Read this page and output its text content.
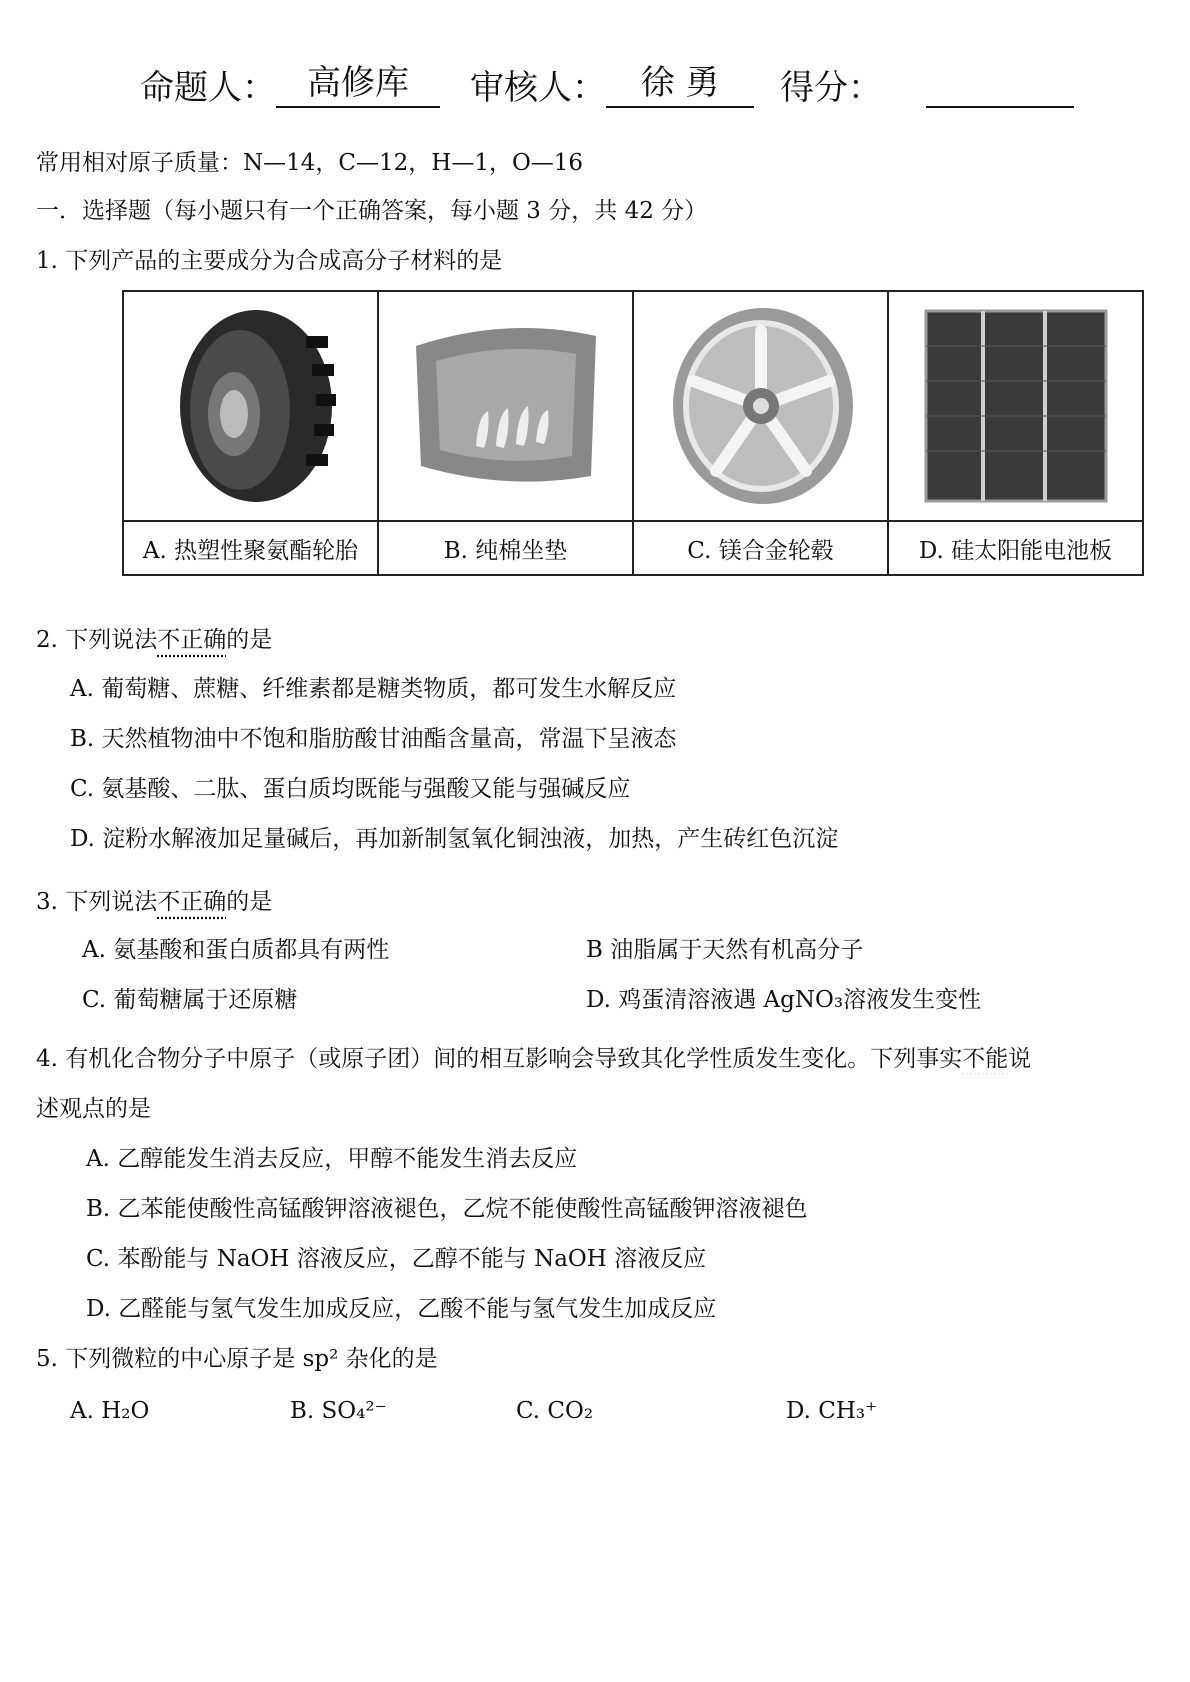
命题人： 高修库	审核人：	徐 勇	得分：

常用相对原子质量：N—14，C—12，H—1，O—16
一．选择题（每小题只有一个正确答案，每小题 3 分，共 42 分）
1. 下列产品的主要成分为合成高分子材料的是

A. 热塑性聚氨酯轮胎	B. 纯棉坐垫	C. 镁合金轮毂	D. 硅太阳能电池板
2. 下列说法不正确的是
A. 葡萄糖、蔗糖、纤维素都是糖类物质，都可发生水解反应
B. 天然植物油中不饱和脂肪酸甘油酯含量高，常温下呈液态
C. 氨基酸、二肽、蛋白质均既能与强酸又能与强碱反应
D. 淀粉水解液加足量碱后，再加新制氢氧化铜浊液，加热，产生砖红色沉淀
3. 下列说法不正确的是
A. 氨基酸和蛋白质都具有两性	B 油脂属于天然有机高分子
C. 葡萄糖属于还原糖	D. 鸡蛋清溶液遇 AgNO₃溶液发生变性
4. 有机化合物分子中原子（或原子团）间的相互影响会导致其化学性质发生变化。下列事实不能说
述观点的是
A. 乙醇能发生消去反应，甲醇不能发生消去反应
B. 乙苯能使酸性高锰酸钾溶液褪色，乙烷不能使酸性高锰酸钾溶液褪色
C. 苯酚能与 NaOH 溶液反应，乙醇不能与 NaOH 溶液反应
D. 乙醛能与氢气发生加成反应，乙酸不能与氢气发生加成反应
5. 下列微粒的中心原子是 sp² 杂化的是
A. H₂O	B. SO₄²⁻	C. CO₂	D. CH₃⁺
